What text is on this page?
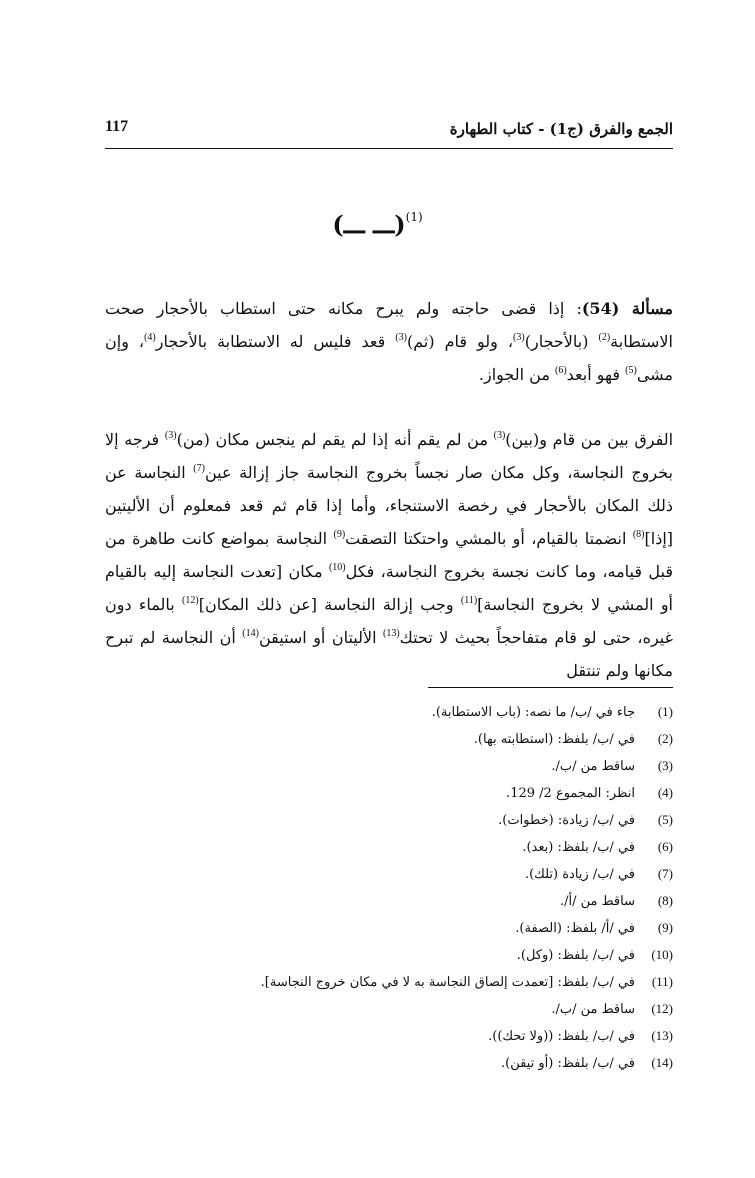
الجمع والفرق (ج1) - كتاب الطهارة
117
(ـــ ـــ)$^{(1)}$
مسألة (54): إذا قضى حاجته ولم يبرح مكانه حتى استطاب بالأحجار صحت الاستطابة$^{(2)}$ (بالأحجار)$^{(3)}$، ولو قام (ثم)$^{(3)}$ قعد فليس له الاستطابة بالأحجار$^{(4)}$، وإن مشى$^{(5)}$ فهو أبعد$^{(6)}$ من الجواز.
الفرق بين من قام و(بين)$^{(3)}$ من لم يقم أنه إذا لم يقم لم ينجس مكان (من)$^{(3)}$ فرجه إلا بخروج النجاسة، وكل مكان صار نجساً بخروج النجاسة جاز إزالة عين$^{(7)}$ النجاسة عن ذلك المكان بالأحجار في رخصة الاستنجاء، وأما إذا قام ثم قعد فمعلوم أن الأليتين [إذا]$^{(8)}$ انضمتا بالقيام، أو بالمشي واحتكتا التصقت$^{(9)}$ النجاسة بمواضع كانت طاهرة من قبل قيامه، وما كانت نجسة بخروج النجاسة، فكل$^{(10)}$ مكان [تعدت النجاسة إليه بالقيام أو المشي لا بخروج النجاسة]$^{(11)}$ وجب إزالة النجاسة [عن ذلك المكان]$^{(12)}$ بالماء دون غيره، حتى لو قام متفاحجاً بحيث لا تحتك$^{(13)}$ الأليتان أو استيقن$^{(14)}$ أن النجاسة لم تبرح مكانها ولم تنتقل
(1)جاء في /ب/ ما نصه: (باب الاستطابة).
(2)في /ب/ بلفظ: (استطابته بها).
(3)ساقط من /ب/.
(4)انظر: المجموع 2/ 129.
(5)في /ب/ زيادة: (خطوات).
(6)في /ب/ بلفظ: (بعد).
(7)في /ب/ زيادة (تلك).
(8)ساقط من /أ/.
(9)في /أ/ بلفظ: (الصفة).
(10)في /ب/ بلفظ: (وكل).
(11)في /ب/ بلفظ: [تعمدت إلصاق النجاسة به لا في مكان خروج النجاسة].
(12)ساقط من /ب/.
(13)في /ب/ بلفظ: ((ولا تحك)).
(14)في /ب/ بلفظ: (أو تيقن).
